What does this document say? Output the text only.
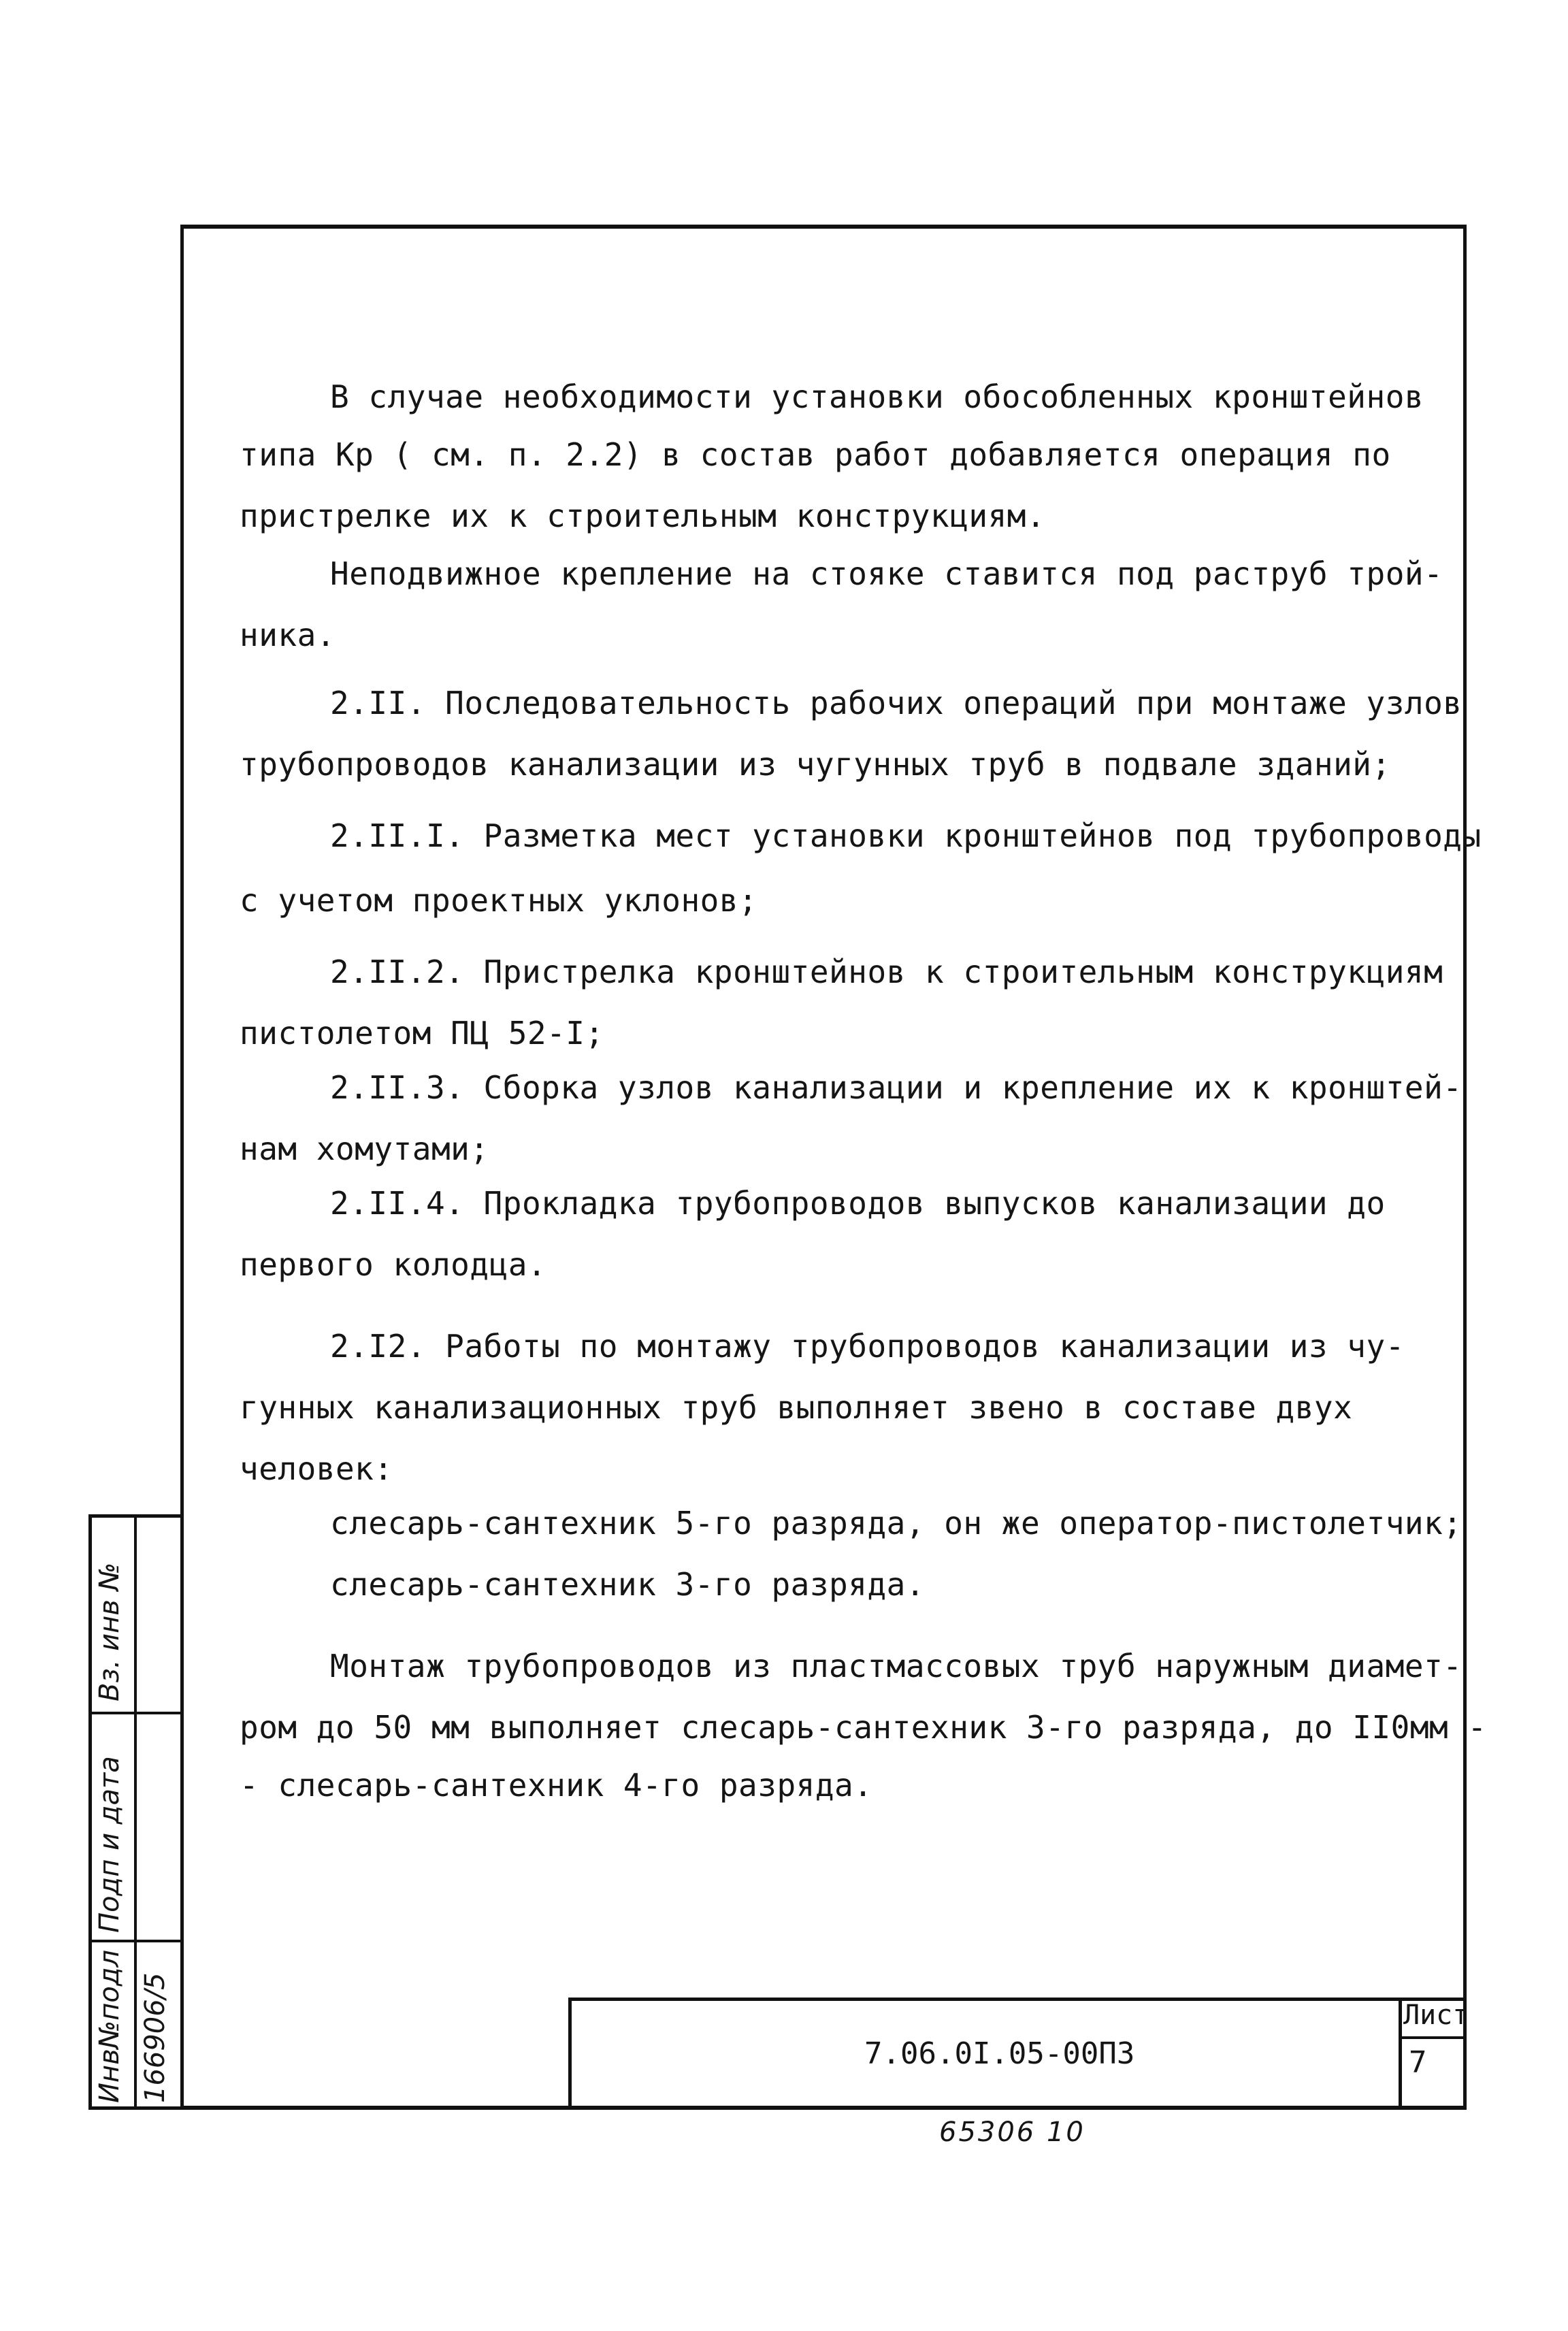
В случае необходимости установки обособленных кронштейнов

типа Кр ( см. п. 2.2) в состав работ добавляется операция по

пристрелке их к строительным конструкциям.

Неподвижное крепление на стояке ставится под раструб трой-

ника.

2.II. Последовательность рабочих операций при монтаже узлов

трубопроводов канализации из чугунных труб в подвале зданий;

2.II.I. Разметка мест установки кронштейнов под трубопроводы

с учетом проектных уклонов;

2.II.2. Пристрелка кронштейнов к строительным конструкциям

пистолетом ПЦ 52-I;

2.II.3. Сборка узлов канализации и крепление их к кронштей-

нам хомутами;

2.II.4. Прокладка трубопроводов выпусков канализации до

первого колодца.

2.I2. Работы по монтажу трубопроводов канализации из чу-

гунных канализационных труб выполняет звено в составе двух

человек:

слесарь-сантехник 5-го разряда, он же оператор-пистолетчик;

слесарь-сантехник 3-го разряда.

Монтаж трубопроводов из пластмассовых труб наружным диамет-

ром до 50 мм выполняет слесарь-сантехник 3-го разряда, до II0мм -

- слесарь-сантехник 4-го разряда.

7.06.0I.05-00ПЗ
Лист
7
65306 10
Вз. инв №
Подп и дата
Инв№подл 166906/5
